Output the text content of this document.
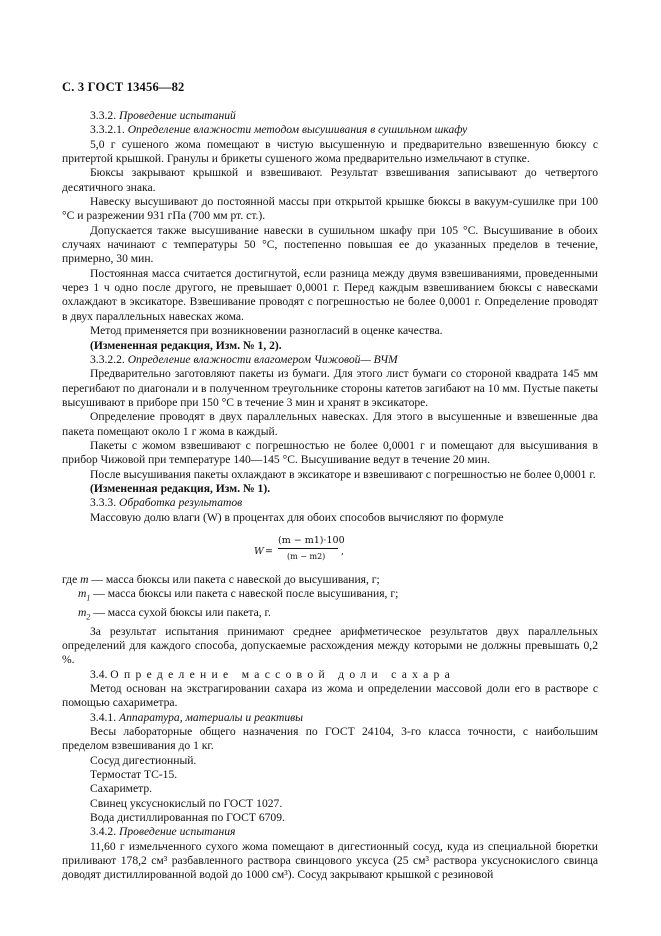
С. 3 ГОСТ 13456—82

3.3.2. Проведение испытаний

3.3.2.1. Определение влажности методом высушивания в сушильном шкафу

5,0 г сушеного жома помещают в чистую высушенную и предварительно взвешенную бюксу с притертой крышкой. Гранулы и брикеты сушеного жома предварительно измельчают в ступке.

Бюксы закрывают крышкой и взвешивают. Результат взвешивания записывают до четвертого десятичного знака.

Навеску высушивают до постоянной массы при открытой крышке бюксы в вакуум-сушилке при 100 °С и разрежении 931 гПа (700 мм рт. ст.).

Допускается также высушивание навески в сушильном шкафу при 105 °С. Высушивание в обоих случаях начинают с температуры 50 °С, постепенно повышая ее до указанных пределов в течение, примерно, 30 мин.

Постоянная масса считается достигнутой, если разница между двумя взвешиваниями, проведенными через 1 ч одно после другого, не превышает 0,0001 г. Перед каждым взвешиванием бюксы с навесками охлаждают в эксикаторе. Взвешивание проводят с погрешностью не более 0,0001 г. Определение проводят в двух параллельных навесках жома.

Метод применяется при возникновении разногласий в оценке качества.

(Измененная редакция, Изм. № 1, 2).

3.3.2.2. Определение влажности влагомером Чижовой— ВЧМ

Предварительно заготовляют пакеты из бумаги. Для этого лист бумаги со стороной квадрата 145 мм перегибают по диагонали и в полученном треугольнике стороны катетов загибают на 10 мм. Пустые пакеты высушивают в приборе при 150 °С в течение 3 мин и хранят в эксикаторе.

Определение проводят в двух параллельных навесках. Для этого в высушенные и взвешенные два пакета помещают около 1 г жома в каждый.

Пакеты с жомом взвешивают с погрешностью не более 0,0001 г и помещают для высушивания в прибор Чижовой при температуре 140—145 °С. Высушивание ведут в течение 20 мин.

После высушивания пакеты охлаждают в эксикаторе и взвешивают с погрешностью не более 0,0001 г.

(Измененная редакция, Изм. № 1).

3.3.3. Обработка результатов

Массовую долю влаги (W) в процентах для обоих способов вычисляют по формуле

W =
(m − m1)·100
(m − m2) ,

где m — масса бюксы или пакета с навеской до высушивания, г;

$m_1$ — масса бюксы или пакета с навеской после высушивания, г;

$m_2$ — масса сухой бюксы или пакета, г.

За результат испытания принимают среднее арифметическое результатов двух параллельных определений для каждого способа, допускаемые расхождения между которыми не должны превышать 0,2 %.

3.4. Определение массовой доли сахара

Метод основан на экстрагировании сахара из жома и определении массовой доли его в растворе с помощью сахариметра.

3.4.1. Аппаратура, материалы и реактивы

Весы лабораторные общего назначения по ГОСТ 24104, 3-го класса точности, с наибольшим пределом взвешивания до 1 кг.

Сосуд дигестионный.

Термостат ТС-15.

Сахариметр.

Свинец уксуснокислый по ГОСТ 1027.

Вода дистиллированная по ГОСТ 6709.

3.4.2. Проведение испытания

11,60 г измельченного сухого жома помещают в дигестионный сосуд, куда из специальной бюретки приливают 178,2 см³ разбавленного раствора свинцового уксуса (25 см³ раствора уксуснокислого свинца доводят дистиллированной водой до 1000 см³). Сосуд закрывают крышкой с резиновой
